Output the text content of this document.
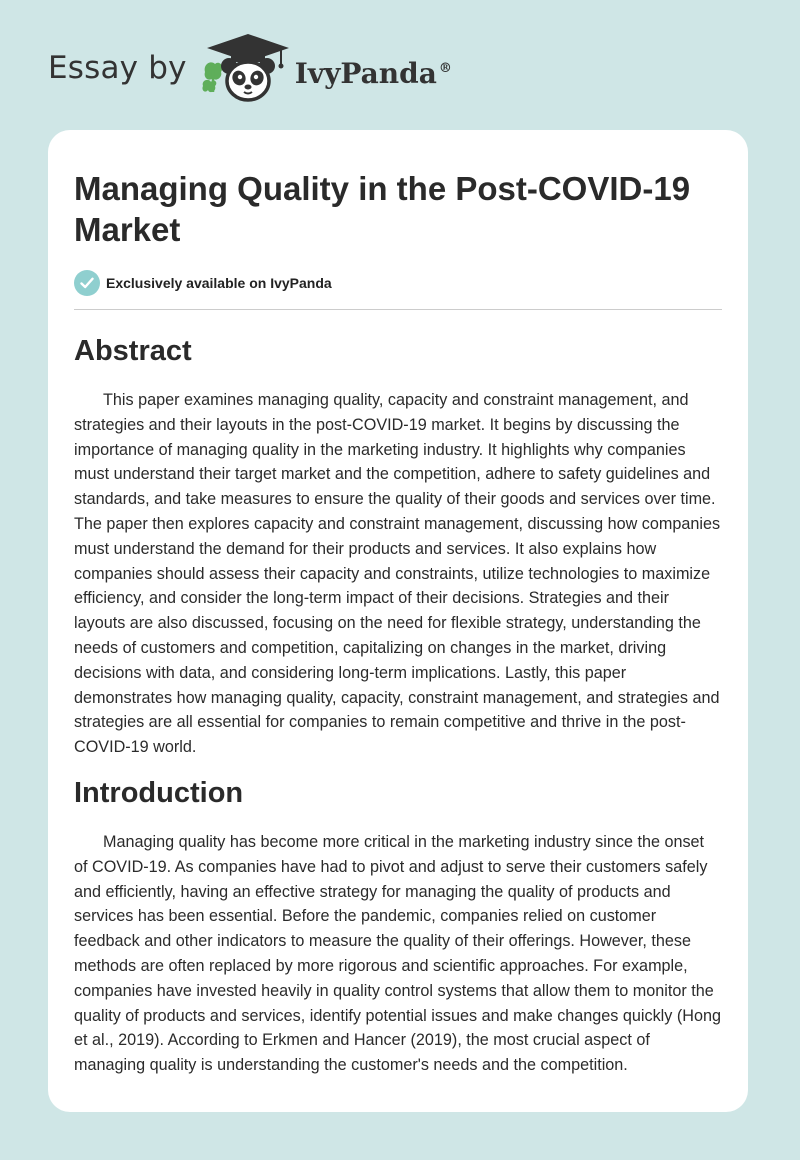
Essay by	IvyPanda ®
Managing Quality in the Post-COVID-19 Market
Exclusively available on IvyPanda
Abstract

This paper examines managing quality, capacity and constraint management, and strategies and their layouts in the post-COVID-19 market. It begins by discussing the importance of managing quality in the marketing industry. It highlights why companies must understand their target market and the competition, adhere to safety guidelines and standards, and take measures to ensure the quality of their goods and services over time. The paper then explores capacity and constraint management, discussing how companies must understand the demand for their products and services. It also explains how companies should assess their capacity and constraints, utilize technologies to maximize efficiency, and consider the long-term impact of their decisions. Strategies and their layouts are also discussed, focusing on the need for flexible strategy, understanding the needs of customers and competition, capitalizing on changes in the market, driving decisions with data, and considering long-term implications. Lastly, this paper demonstrates how managing quality, capacity, constraint management, and strategies and strategies are all essential for companies to remain competitive and thrive in the post-COVID-19 world.

Introduction

Managing quality has become more critical in the marketing industry since the onset of COVID-19. As companies have had to pivot and adjust to serve their customers safely and efficiently, having an effective strategy for managing the quality of products and services has been essential. Before the pandemic, companies relied on customer feedback and other indicators to measure the quality of their offerings. However, these methods are often replaced by more rigorous and scientific approaches. For example, companies have invested heavily in quality control systems that allow them to monitor the quality of products and services, identify potential issues and make changes quickly (Hong et al., 2019). According to Erkmen and Hancer (2019), the most crucial aspect of managing quality is understanding the customer's needs and the competition.
